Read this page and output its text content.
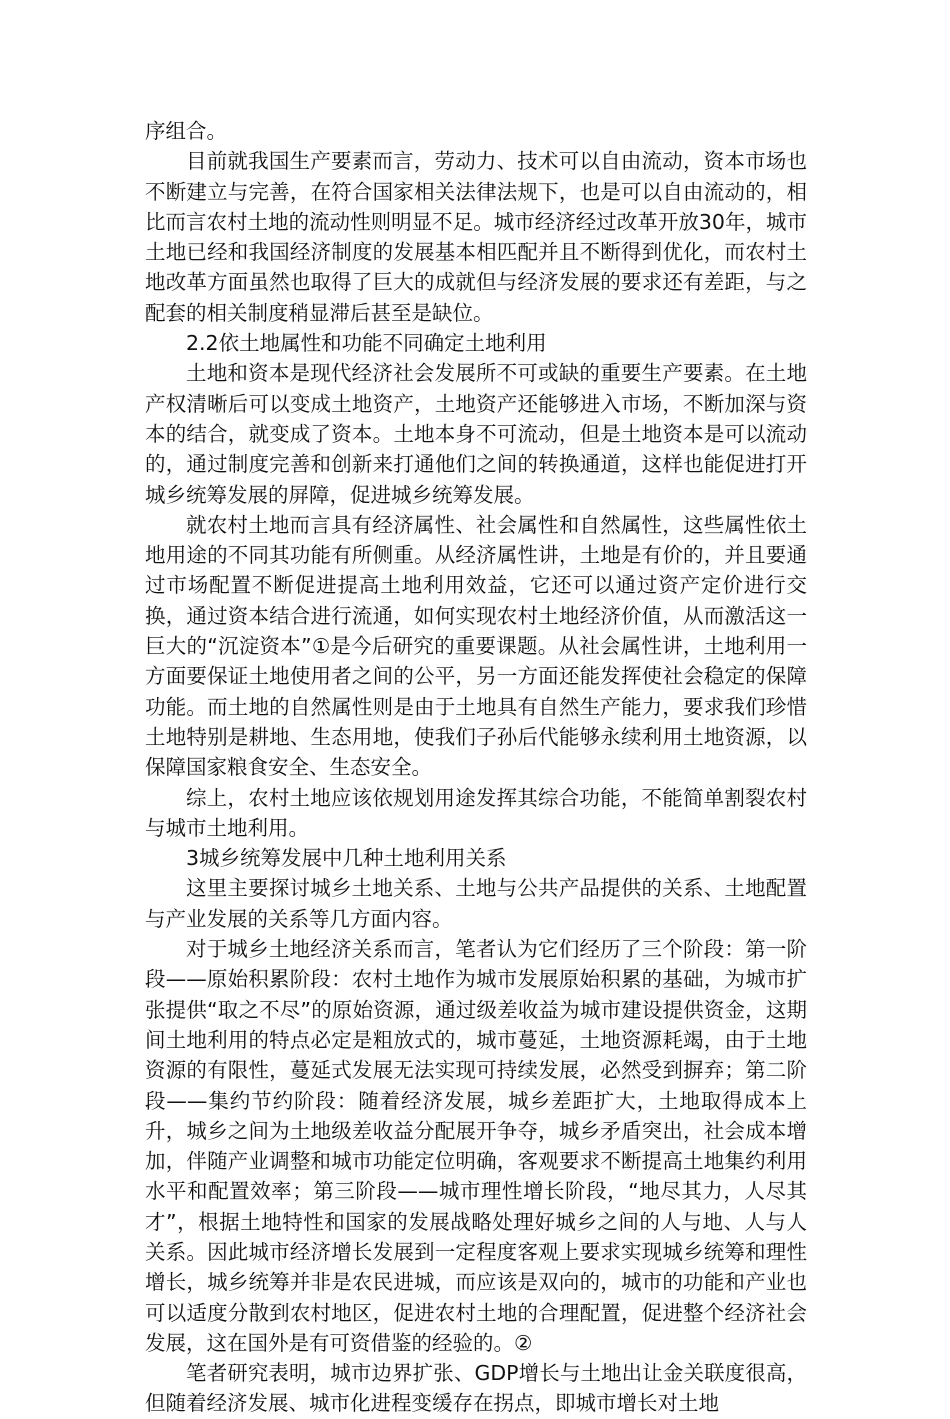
序组合。

目前就我国生产要素而言，劳动力、技术可以自由流动，资本市场也不断建立与完善，在符合国家相关法律法规下，也是可以自由流动的，相比而言农村土地的流动性则明显不足。城市经济经过改革开放30年，城市土地已经和我国经济制度的发展基本相匹配并且不断得到优化，而农村土地改革方面虽然也取得了巨大的成就但与经济发展的要求还有差距，与之配套的相关制度稍显滞后甚至是缺位。

2.2依土地属性和功能不同确定土地利用

土地和资本是现代经济社会发展所不可或缺的重要生产要素。在土地产权清晰后可以变成土地资产，土地资产还能够进入市场，不断加深与资本的结合，就变成了资本。土地本身不可流动，但是土地资本是可以流动的，通过制度完善和创新来打通他们之间的转换通道，这样也能促进打开城乡统筹发展的屏障，促进城乡统筹发展。

就农村土地而言具有经济属性、社会属性和自然属性，这些属性依土地用途的不同其功能有所侧重。从经济属性讲，土地是有价的，并且要通过市场配置不断促进提高土地利用效益，它还可以通过资产定价进行交换，通过资本结合进行流通，如何实现农村土地经济价值，从而激活这一巨大的“沉淀资本”①是今后研究的重要课题。从社会属性讲，土地利用一方面要保证土地使用者之间的公平，另一方面还能发挥使社会稳定的保障功能。而土地的自然属性则是由于土地具有自然生产能力，要求我们珍惜土地特别是耕地、生态用地，使我们子孙后代能够永续利用土地资源，以保障国家粮食安全、生态安全。

综上，农村土地应该依规划用途发挥其综合功能，不能简单割裂农村与城市土地利用。

3城乡统筹发展中几种土地利用关系

这里主要探讨城乡土地关系、土地与公共产品提供的关系、土地配置与产业发展的关系等几方面内容。

对于城乡土地经济关系而言，笔者认为它们经历了三个阶段：第一阶段——原始积累阶段：农村土地作为城市发展原始积累的基础，为城市扩张提供“取之不尽”的原始资源，通过级差收益为城市建设提供资金，这期间土地利用的特点必定是粗放式的，城市蔓延，土地资源耗竭，由于土地资源的有限性，蔓延式发展无法实现可持续发展，必然受到摒弃；第二阶段——集约节约阶段：随着经济发展，城乡差距扩大，土地取得成本上升，城乡之间为土地级差收益分配展开争夺，城乡矛盾突出，社会成本增加，伴随产业调整和城市功能定位明确，客观要求不断提高土地集约利用水平和配置效率；第三阶段——城市理性增长阶段，“地尽其力，人尽其才”，根据土地特性和国家的发展战略处理好城乡之间的人与地、人与人关系。因此城市经济增长发展到一定程度客观上要求实现城乡统筹和理性增长，城乡统筹并非是农民进城，而应该是双向的，城市的功能和产业也可以适度分散到农村地区，促进农村土地的合理配置，促进整个经济社会发展，这在国外是有可资借鉴的经验的。②

笔者研究表明，城市边界扩张、GDP增长与土地出让金关联度很高，但随着经济发展、城市化进程变缓存在拐点，即城市增长对土地
